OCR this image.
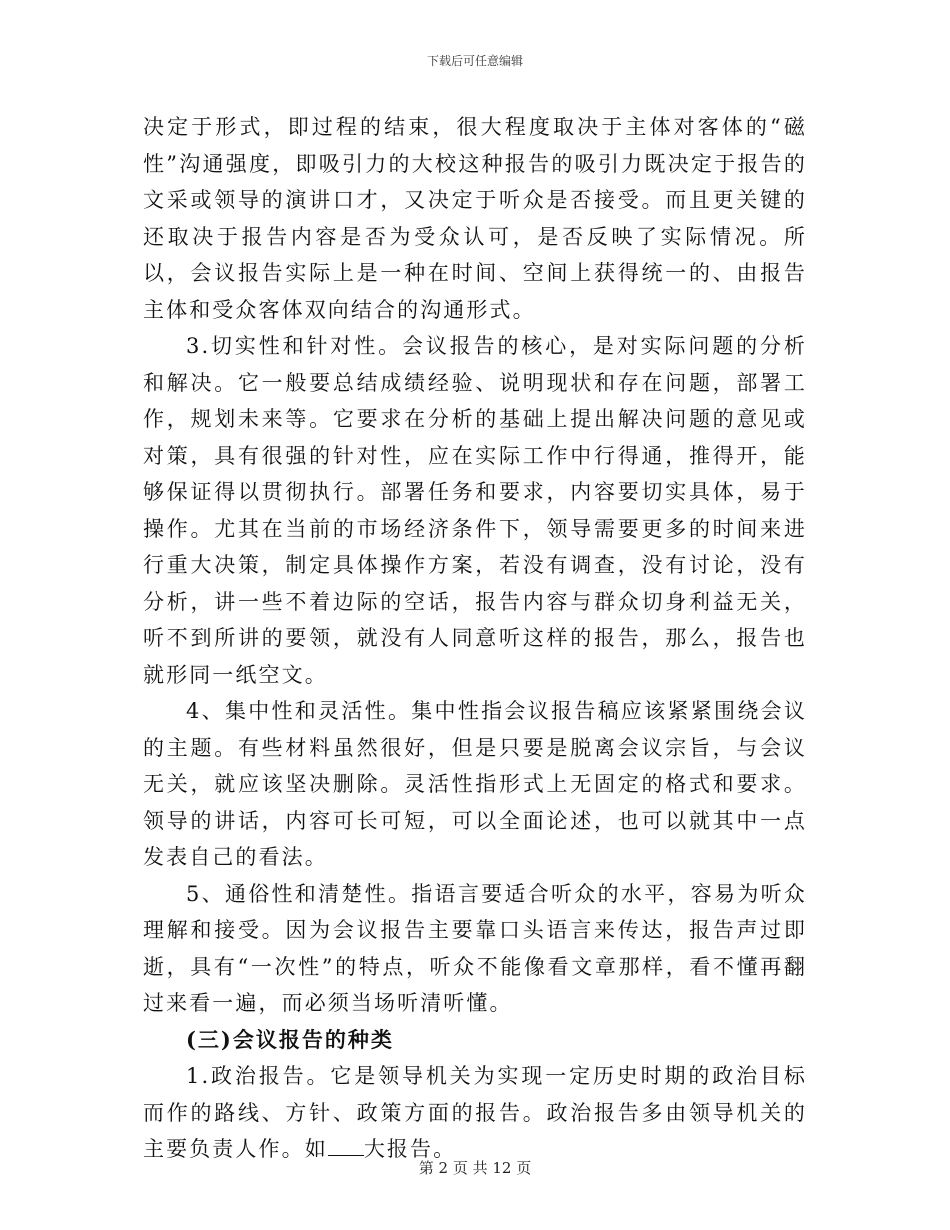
下载后可任意编辑

决定于形式，即过程的结束，很大程度取决于主体对客体的“磁性”沟通强度，即吸引力的大校这种报告的吸引力既决定于报告的文采或领导的演讲口才，又决定于听众是否接受。而且更关键的还取决于报告内容是否为受众认可，是否反映了实际情况。所以，会议报告实际上是一种在时间、空间上获得统一的、由报告主体和受众客体双向结合的沟通形式。

3.切实性和针对性。会议报告的核心，是对实际问题的分析和解决。它一般要总结成绩经验、说明现状和存在问题，部署工作，规划未来等。它要求在分析的基础上提出解决问题的意见或对策，具有很强的针对性，应在实际工作中行得通，推得开，能够保证得以贯彻执行。部署任务和要求，内容要切实具体，易于操作。尤其在当前的市场经济条件下，领导需要更多的时间来进行重大决策，制定具体操作方案，若没有调查，没有讨论，没有分析，讲一些不着边际的空话，报告内容与群众切身利益无关，听不到所讲的要领，就没有人同意听这样的报告，那么，报告也就形同一纸空文。

4、集中性和灵活性。集中性指会议报告稿应该紧紧围绕会议的主题。有些材料虽然很好，但是只要是脱离会议宗旨，与会议无关，就应该坚决删除。灵活性指形式上无固定的格式和要求。领导的讲话，内容可长可短，可以全面论述，也可以就其中一点发表自己的看法。

5、通俗性和清楚性。指语言要适合听众的水平，容易为听众理解和接受。因为会议报告主要靠口头语言来传达，报告声过即逝，具有“一次性”的特点，听众不能像看文章那样，看不懂再翻过来看一遍，而必须当场听清听懂。

(三)会议报告的种类

1.政治报告。它是领导机关为实现一定历史时期的政治目标而作的路线、方针、政策方面的报告。政治报告多由领导机关的主要负责人作。如 大报告。

第 2 页 共 12 页
